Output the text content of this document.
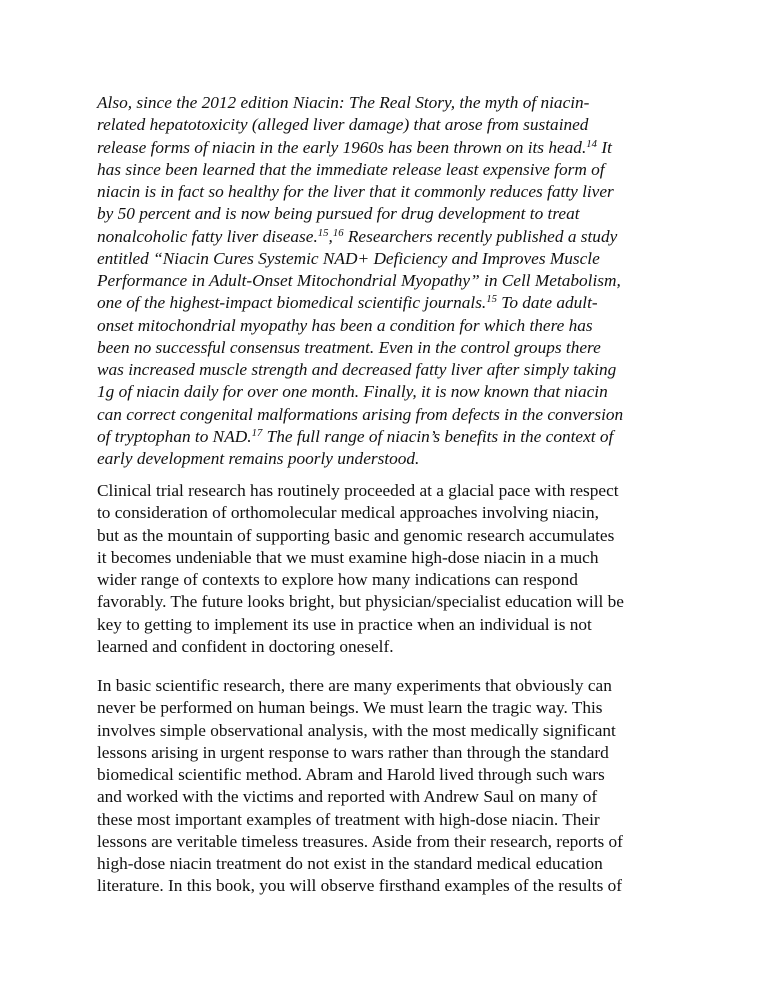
Also, since the 2012 edition Niacin: The Real Story, the myth of niacin-
related hepatotoxicity (alleged liver damage) that arose from sustained
release forms of niacin in the early 1960s has been thrown on its head.$^{14}$ It
has since been learned that the immediate release least expensive form of
niacin is in fact so healthy for the liver that it commonly reduces fatty liver
by 50 percent and is now being pursued for drug development to treat
nonalcoholic fatty liver disease.$^{15}$,$^{16}$ Researchers recently published a study
entitled “Niacin Cures Systemic NAD+ Deficiency and Improves Muscle
Performance in Adult-Onset Mitochondrial Myopathy” in Cell Metabolism,
one of the highest-impact biomedical scientific journals.$^{15}$ To date adult-
onset mitochondrial myopathy has been a condition for which there has
been no successful consensus treatment. Even in the control groups there
was increased muscle strength and decreased fatty liver after simply taking
1g of niacin daily for over one month. Finally, it is now known that niacin
can correct congenital malformations arising from defects in the conversion
of tryptophan to NAD.$^{17}$ The full range of niacin’s benefits in the context of
early development remains poorly understood.
Clinical trial research has routinely proceeded at a glacial pace with respect
to consideration of orthomolecular medical approaches involving niacin,
but as the mountain of supporting basic and genomic research accumulates
it becomes undeniable that we must examine high-dose niacin in a much
wider range of contexts to explore how many indications can respond
favorably. The future looks bright, but physician/specialist education will be
key to getting to implement its use in practice when an individual is not
learned and confident in doctoring oneself.
In basic scientific research, there are many experiments that obviously can
never be performed on human beings. We must learn the tragic way. This
involves simple observational analysis, with the most medically significant
lessons arising in urgent response to wars rather than through the standard
biomedical scientific method. Abram and Harold lived through such wars
and worked with the victims and reported with Andrew Saul on many of
these most important examples of treatment with high-dose niacin. Their
lessons are veritable timeless treasures. Aside from their research, reports of
high-dose niacin treatment do not exist in the standard medical education
literature. In this book, you will observe firsthand examples of the results of
